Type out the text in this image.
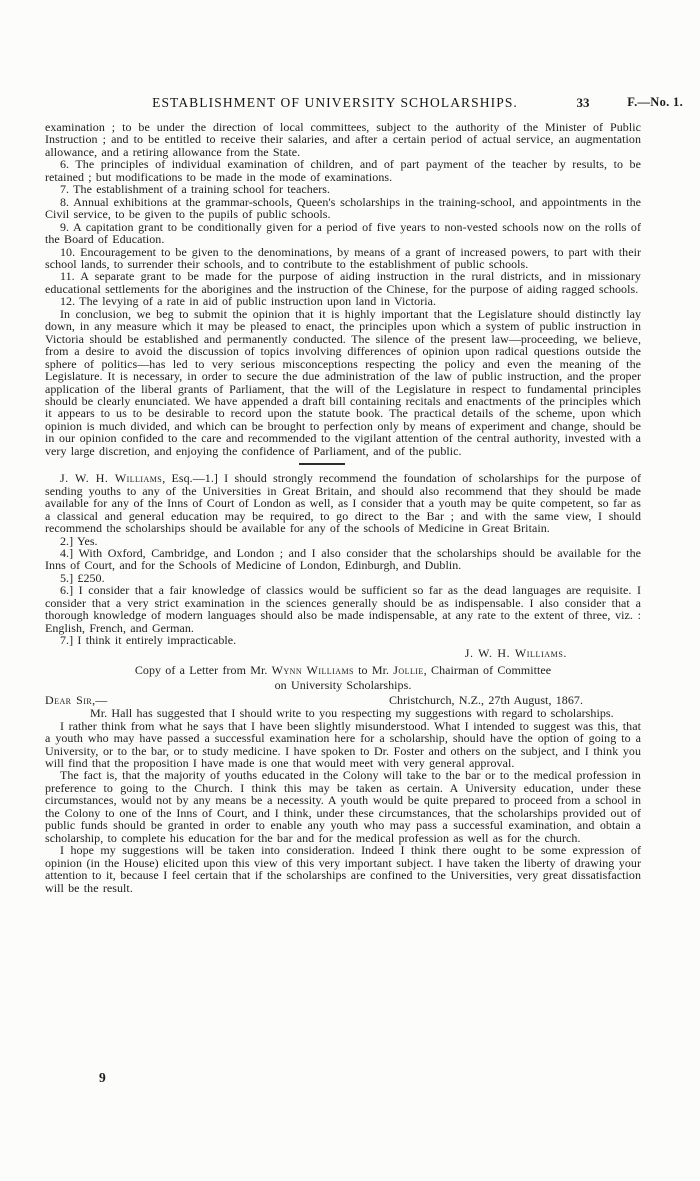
ESTABLISHMENT OF UNIVERSITY SCHOLARSHIPS.	33	F.—No. 1.

examination ; to be under the direction of local committees, subject to the authority of the Minister of Public Instruction ; and to be entitled to receive their salaries, and after a certain period of actual service, an augmentation allowance, and a retiring allowance from the State.

6. The principles of individual examination of children, and of part payment of the teacher by results, to be retained ; but modifications to be made in the mode of examinations.

7. The establishment of a training school for teachers.

8. Annual exhibitions at the grammar-schools, Queen's scholarships in the training-school, and appointments in the Civil service, to be given to the pupils of public schools.

9. A capitation grant to be conditionally given for a period of five years to non-vested schools now on the rolls of the Board of Education.

10. Encouragement to be given to the denominations, by means of a grant of increased powers, to part with their school lands, to surrender their schools, and to contribute to the establishment of public schools.

11. A separate grant to be made for the purpose of aiding instruction in the rural districts, and in missionary educational settlements for the aborigines and the instruction of the Chinese, for the purpose of aiding ragged schools.

12. The levying of a rate in aid of public instruction upon land in Victoria.

In conclusion, we beg to submit the opinion that it is highly important that the Legislature should distinctly lay down, in any measure which it may be pleased to enact, the principles upon which a system of public instruction in Victoria should be established and permanently conducted. The silence of the present law—proceeding, we believe, from a desire to avoid the discussion of topics involving differences of opinion upon radical questions outside the sphere of politics—has led to very serious misconceptions respecting the policy and even the meaning of the Legislature. It is necessary, in order to secure the due administration of the law of public instruction, and the proper application of the liberal grants of Parliament, that the will of the Legislature in respect to fundamental principles should be clearly enunciated. We have appended a draft bill containing recitals and enactments of the principles which it appears to us to be desirable to record upon the statute book. The practical details of the scheme, upon which opinion is much divided, and which can be brought to perfection only by means of experiment and change, should be in our opinion confided to the care and recommended to the vigilant attention of the central authority, invested with a very large discretion, and enjoying the confidence of Parliament, and of the public.

J. W. H. Williams, Esq.—1.] I should strongly recommend the foundation of scholarships for the purpose of sending youths to any of the Universities in Great Britain, and should also recommend that they should be made available for any of the Inns of Court of London as well, as I consider that a youth may be quite competent, so far as a classical and general education may be required, to go direct to the Bar ; and with the same view, I should recommend the scholarships should be available for any of the schools of Medicine in Great Britain.

2.] Yes.

4.] With Oxford, Cambridge, and London ; and I also consider that the scholarships should be available for the Inns of Court, and for the Schools of Medicine of London, Edinburgh, and Dublin.

5.] £250.

6.] I consider that a fair knowledge of classics would be sufficient so far as the dead languages are requisite. I consider that a very strict examination in the sciences generally should be as indispensable. I also consider that a thorough knowledge of modern languages should also be made indispensable, at any rate to the extent of three, viz. : English, French, and German.

7.] I think it entirely impracticable.

J. W. H. Williams.

Copy of a Letter from Mr. Wynn Williams to Mr. Jollie, Chairman of Committee
on University Scholarships.
Dear Sir,—	Christchurch, N.Z., 27th August, 1867.

Mr. Hall has suggested that I should write to you respecting my suggestions with regard to scholarships.

I rather think from what he says that I have been slightly misunderstood. What I intended to suggest was this, that a youth who may have passed a successful examination here for a scholarship, should have the option of going to a University, or to the bar, or to study medicine. I have spoken to Dr. Foster and others on the subject, and I think you will find that the proposition I have made is one that would meet with very general approval.

The fact is, that the majority of youths educated in the Colony will take to the bar or to the medical profession in preference to going to the Church. I think this may be taken as certain. A University education, under these circumstances, would not by any means be a necessity. A youth would be quite prepared to proceed from a school in the Colony to one of the Inns of Court, and I think, under these circumstances, that the scholarships provided out of public funds should be granted in order to enable any youth who may pass a successful examination, and obtain a scholarship, to complete his education for the bar and for the medical profession as well as for the church.

I hope my suggestions will be taken into consideration. Indeed I think there ought to be some expression of opinion (in the House) elicited upon this view of this very important subject. I have taken the liberty of drawing your attention to it, because I feel certain that if the scholarships are confined to the Universities, very great dissatisfaction will be the result.

9
